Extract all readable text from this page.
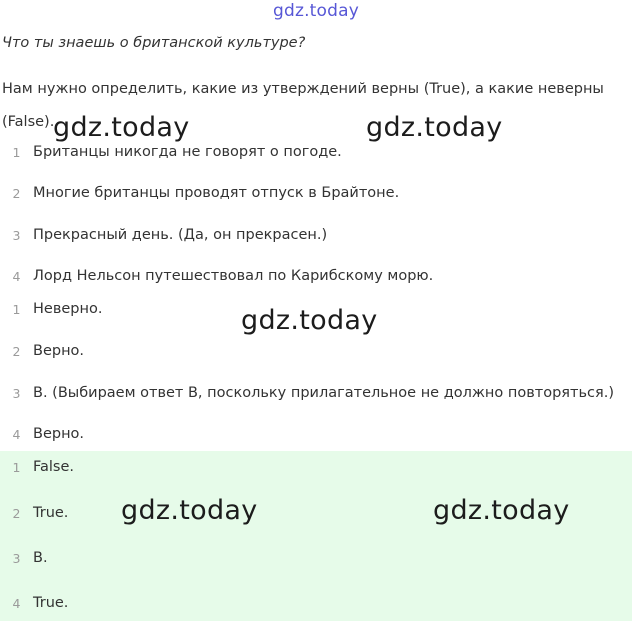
gdz.today
Что ты знаешь о британской культуре?
Нам нужно определить, какие из утверждений верны (True), а какие неверны (False).
1 Британцы никогда не говорят о погоде.
2 Многие британцы проводят отпуск в Брайтоне.
3 Прекрасный день. (Да, он прекрасен.)
4 Лорд Нельсон путешествовал по Карибскому морю.
1 Неверно.
2 Верно.
3 B. (Выбираем ответ B, поскольку прилагательное не должно повторяться.)
4 Верно.
1 False.
2 True.
3 B.
4 True.
gdz.today	gdz.today
gdz.today
gdz.today	gdz.today
